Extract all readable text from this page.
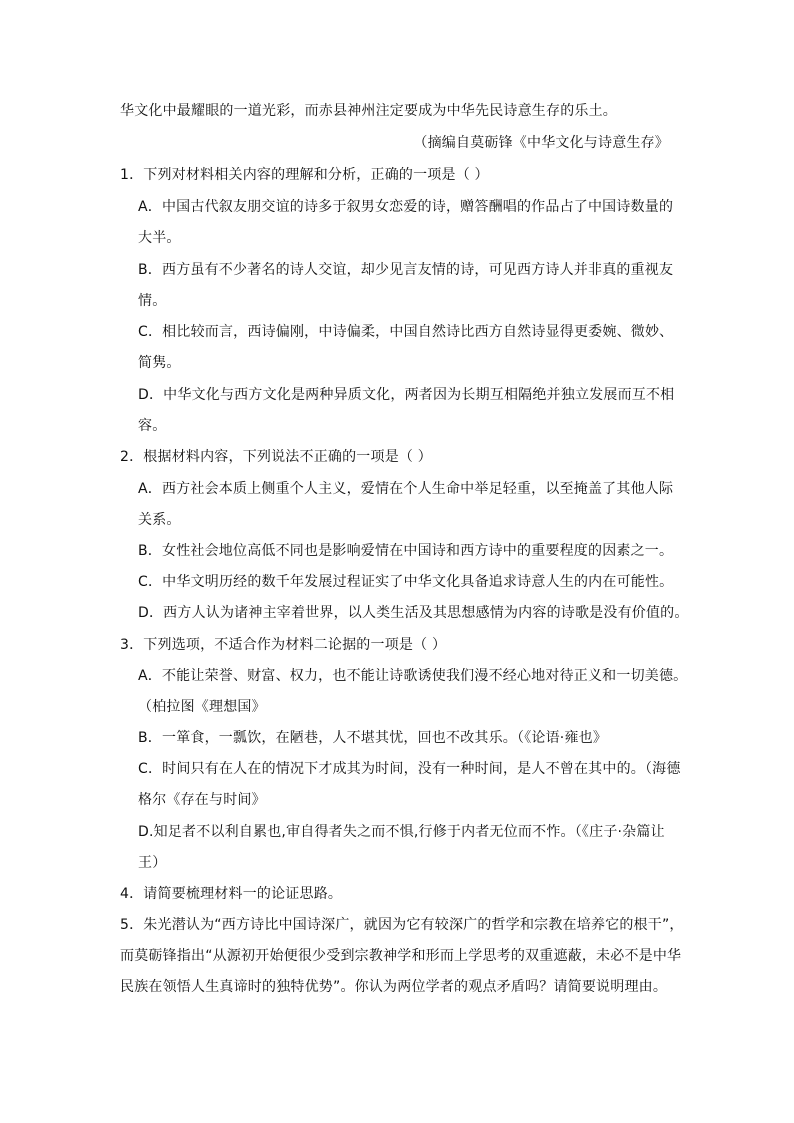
华文化中最耀眼的一道光彩，而赤县神州注定要成为中华先民诗意生存的乐土。
（摘编自莫砺锋《中华文化与诗意生存》
1．下列对材料相关内容的理解和分析，正确的一项是（ ）
A．中国古代叙友朋交谊的诗多于叙男女恋爱的诗，赠答酬唱的作品占了中国诗数量的
大半。
B．西方虽有不少著名的诗人交谊，却少见言友情的诗，可见西方诗人并非真的重视友
情。
C．相比较而言，西诗偏刚，中诗偏柔，中国自然诗比西方自然诗显得更委婉、微妙、
简隽。
D．中华文化与西方文化是两种异质文化，两者因为长期互相隔绝并独立发展而互不相
容。
2．根据材料内容，下列说法不正确的一项是（ ）
A．西方社会本质上侧重个人主义，爱情在个人生命中举足轻重，以至掩盖了其他人际
关系。
B．女性社会地位高低不同也是影响爱情在中国诗和西方诗中的重要程度的因素之一。
C．中华文明历经的数千年发展过程证实了中华文化具备追求诗意人生的内在可能性。
D．西方人认为诸神主宰着世界，以人类生活及其思想感情为内容的诗歌是没有价值的。
3．下列选项，不适合作为材料二论据的一项是（ ）
A．不能让荣誉、财富、权力，也不能让诗歌诱使我们漫不经心地对待正义和一切美德。
（柏拉图《理想国》
B．一箪食，一瓢饮，在陋巷，人不堪其忧，回也不改其乐。（《论语·雍也》
C．时间只有在人在的情况下才成其为时间，没有一种时间，是人不曾在其中的。（海德
格尔《存在与时间》
D.知足者不以利自累也,审自得者失之而不惧,行修于内者无位而不怍。（《庄子·杂篇让
王）
4．请简要梳理材料一的论证思路。
5．朱光潜认为“西方诗比中国诗深广，就因为它有较深广的哲学和宗教在培养它的根干”，
而莫砺锋指出“从源初开始便很少受到宗教神学和形而上学思考的双重遮蔽，未必不是中华
民族在领悟人生真谛时的独特优势”。你认为两位学者的观点矛盾吗？请简要说明理由。
